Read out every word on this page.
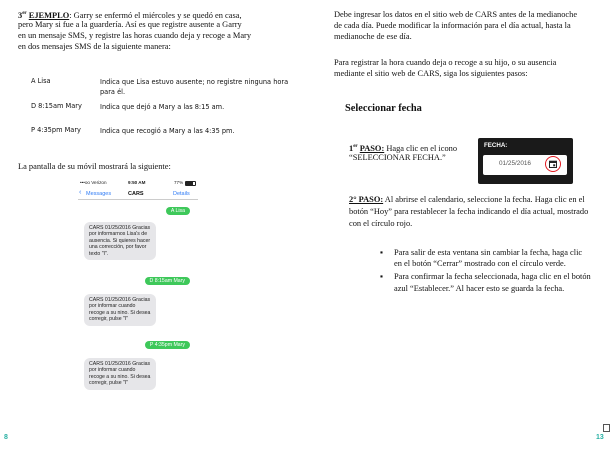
3er EJEMPLO: Garry se enfermó el miércoles y se quedó en casa,

pero Mary si fue a la guardería. Así es que registre ausente a Garry

en un mensaje SMS, y registre las horas cuando deja y recoge a Mary

en dos mensajes SMS de la siguiente manera:

A Lisa	Indica que Lisa estuvo ausente; no registre ninguna hora para él.
D 8:15am Mary	Indica que dejó a Mary a las 8:15 am.
P 4:35pm Mary	Indica que recogió a Mary a las 4:35 pm.

La pantalla de su móvil mostrará la siguiente:

•••oo Verizon	9:50 AM	77%
‹ Messages	CARS	Details
A Lisa
CARS 01/25/2016 Gracias por informarnos Lisa's de ausencia. Si quieres hacer una corrección, por favor texto "I".
D 8:15am Mary
CARS 01/25/2016 Gracias por informar cuando recoge a su nino. Si desea corregir, pulse "I"
P 4:35pm Mary
CARS 01/25/2016 Gracias por informar cuando recoge a su nino. Si desea corregir, pulse "I"
8

Debe ingresar los datos en el sitio web de CARS antes de la medianoche

de cada día. Puede modificar la información para el día actual, hasta la

medianoche de ese día.

Para registrar la hora cuando deja o recoge a su hijo, o su ausencia

mediante el sitio web de CARS, siga los siguientes pasos:

Seleccionar fecha

1er PASO: Haga clic en el icono

“SELECCIONAR FECHA.”

2° PASO: Al abrirse el calendario, seleccione la fecha. Haga clic en el

botón “Hoy” para restablecer la fecha indicando el día actual, mostrado

con el círculo rojo.

▪ Para salir de esta ventana sin cambiar la fecha, haga clic
en el botón “Cerrar” mostrado con el círculo verde.
▪ Para confirmar la fecha seleccionada, haga clic en el botón
azul “Establecer.” Al hacer esto se guarda la fecha.
13
FECHA:
01/25/2016
